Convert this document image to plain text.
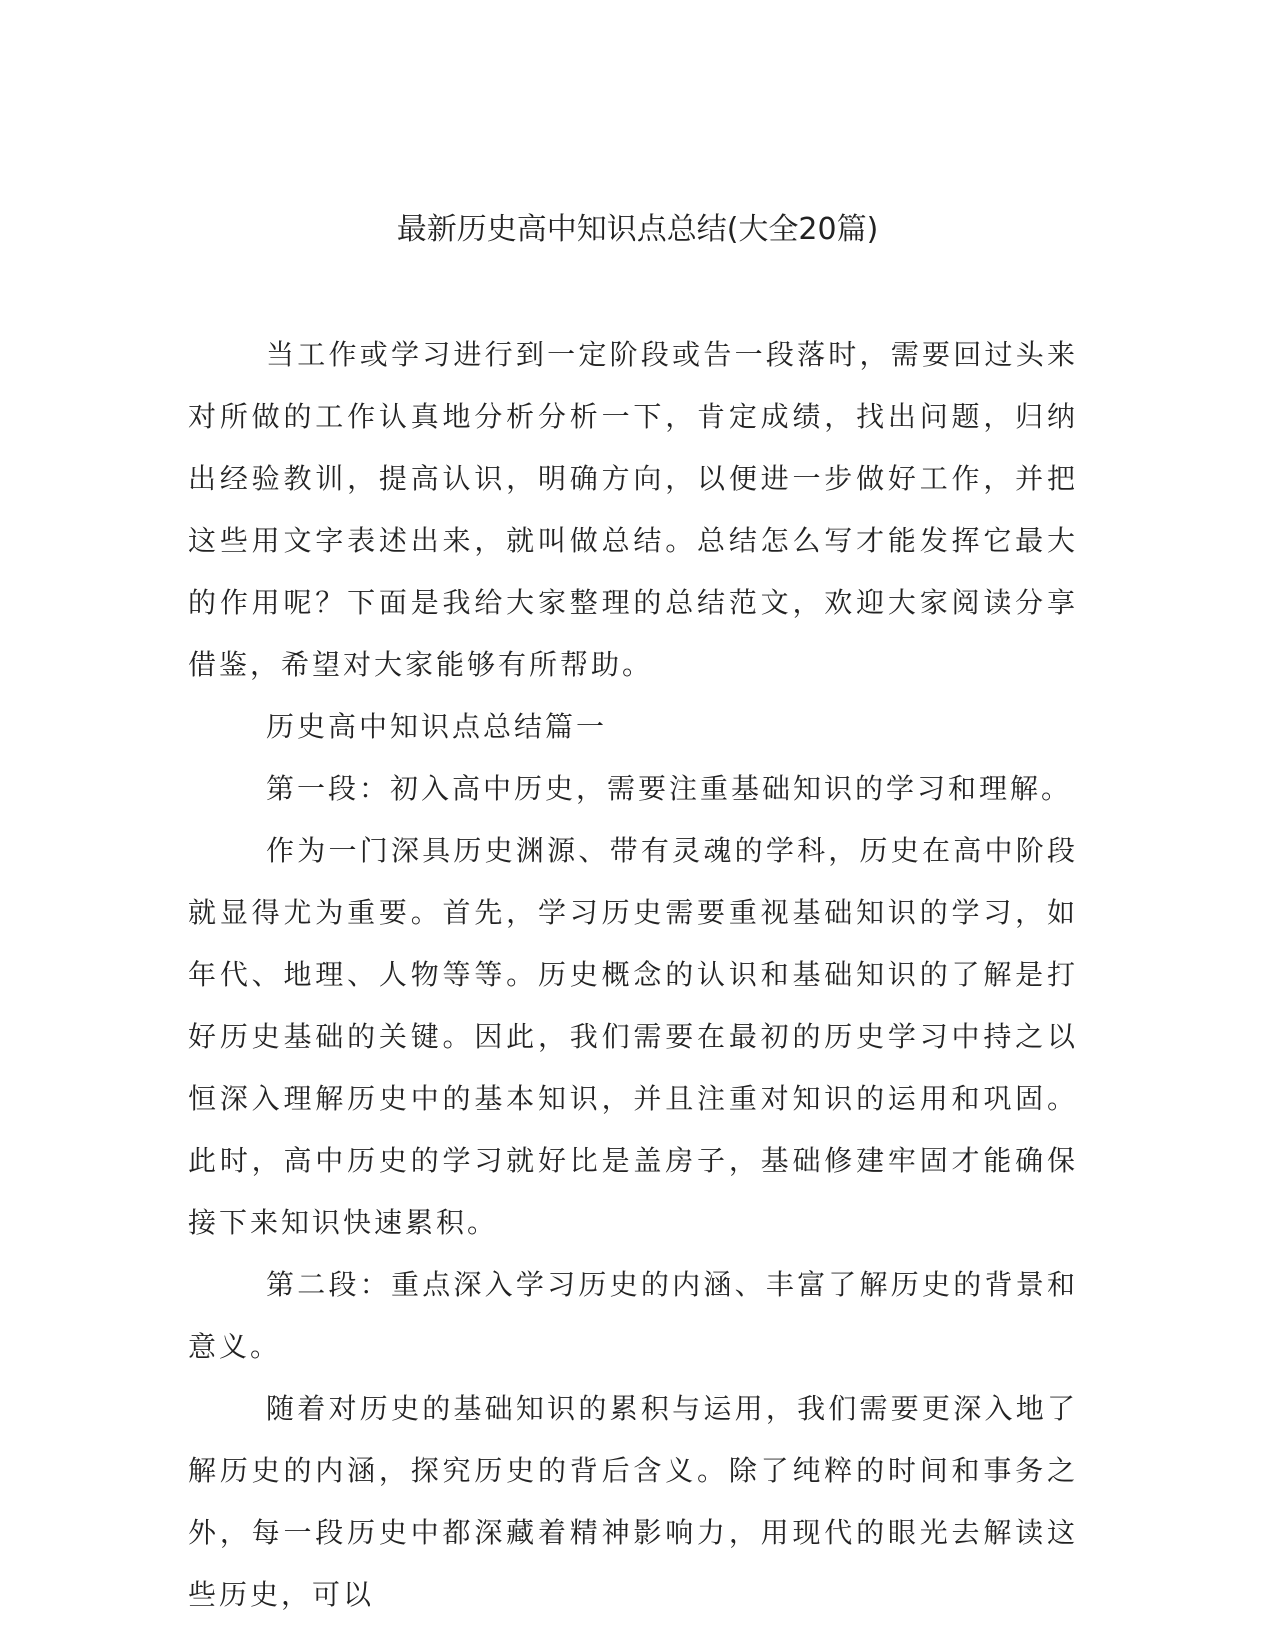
最新历史高中知识点总结(大全20篇)

当工作或学习进行到一定阶段或告一段落时，需要回过头来对所做的工作认真地分析分析一下，肯定成绩，找出问题，归纳出经验教训，提高认识，明确方向，以便进一步做好工作，并把这些用文字表述出来，就叫做总结。总结怎么写才能发挥它最大的作用呢？下面是我给大家整理的总结范文，欢迎大家阅读分享借鉴，希望对大家能够有所帮助。

历史高中知识点总结篇一

第一段：初入高中历史，需要注重基础知识的学习和理解。

作为一门深具历史渊源、带有灵魂的学科，历史在高中阶段就显得尤为重要。首先，学习历史需要重视基础知识的学习，如年代、地理、人物等等。历史概念的认识和基础知识的了解是打好历史基础的关键。因此，我们需要在最初的历史学习中持之以恒深入理解历史中的基本知识，并且注重对知识的运用和巩固。此时，高中历史的学习就好比是盖房子，基础修建牢固才能确保接下来知识快速累积。

第二段：重点深入学习历史的内涵、丰富了解历史的背景和意义。

随着对历史的基础知识的累积与运用，我们需要更深入地了解历史的内涵，探究历史的背后含义。除了纯粹的时间和事务之外，每一段历史中都深藏着精神影响力，用现代的眼光去解读这些历史，可以
